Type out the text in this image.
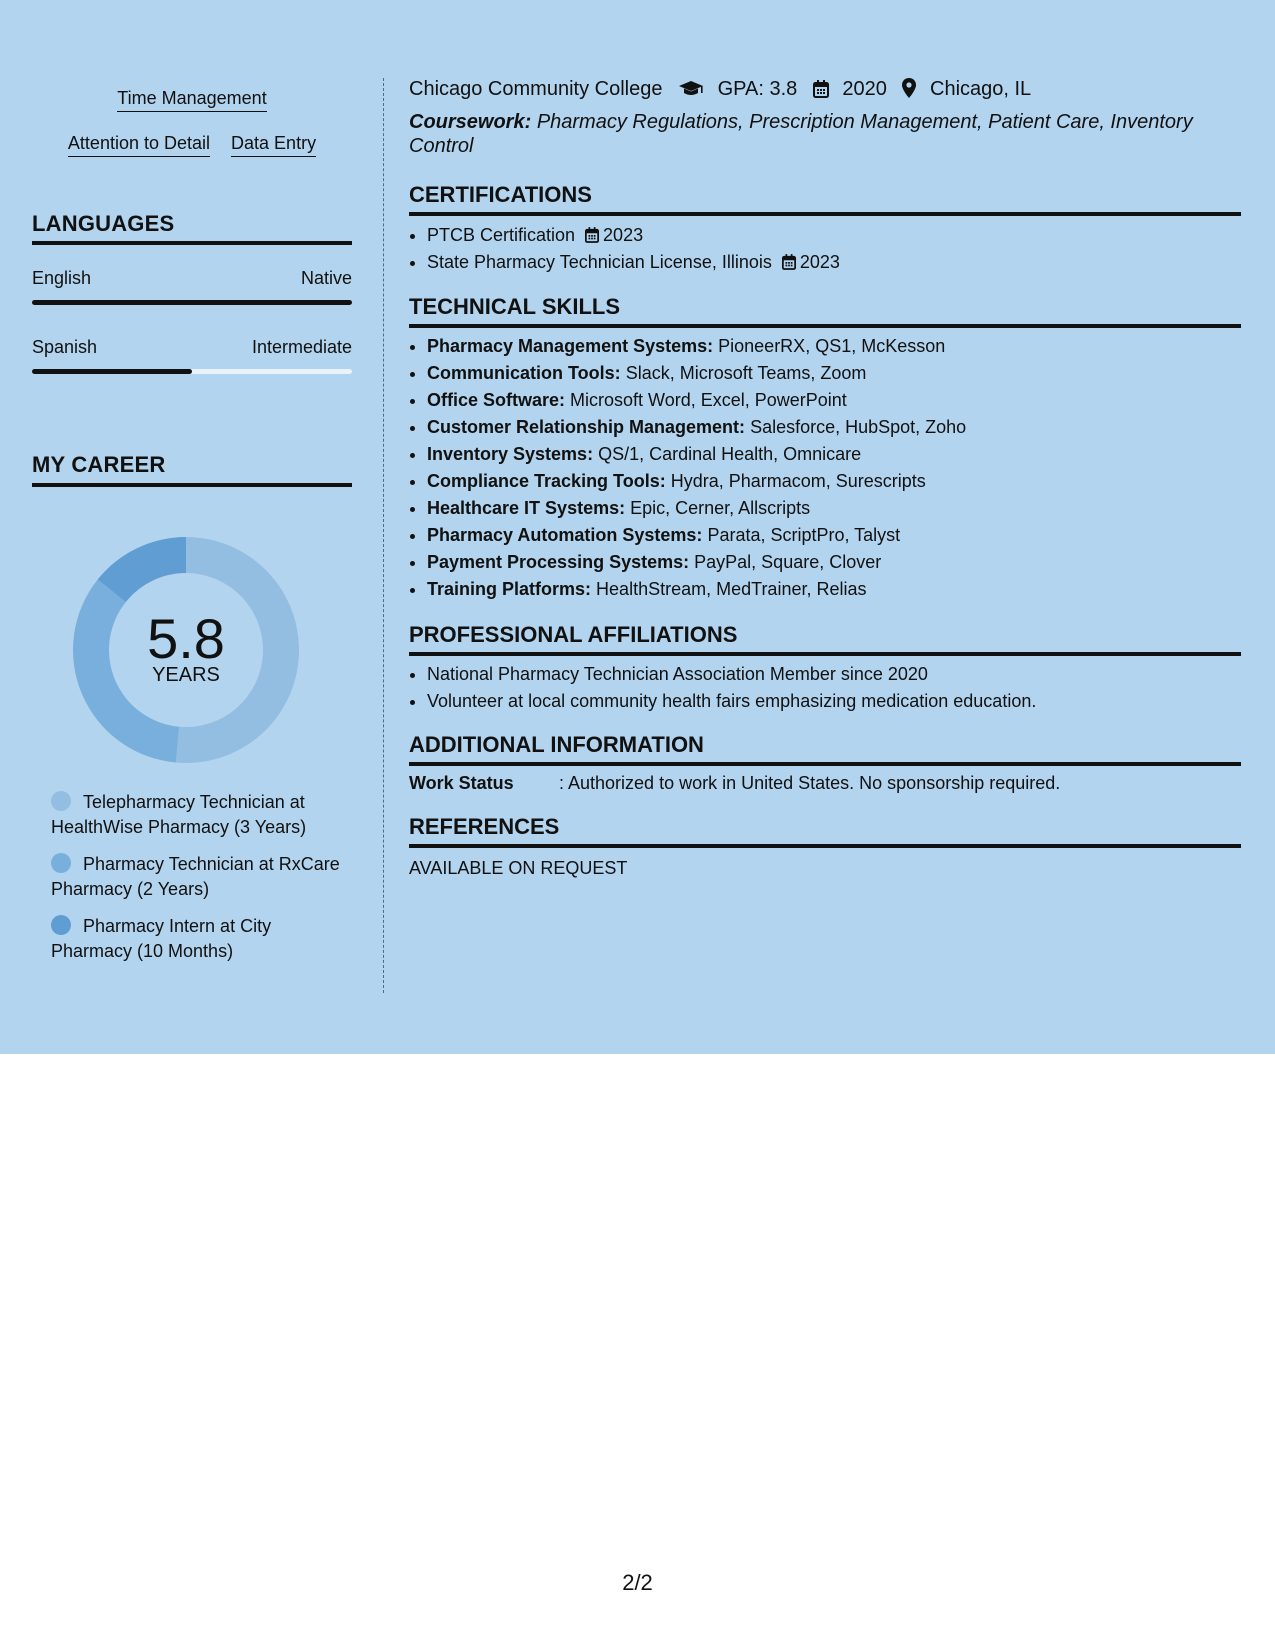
Time Management
Attention to Detail Data Entry
LANGUAGES
English	Native
Spanish	Intermediate
MY CAREER
5.8
YEARS
Telepharmacy Technician at HealthWise Pharmacy (3 Years)
Pharmacy Technician at RxCare Pharmacy (2 Years)
Pharmacy Intern at City Pharmacy (10 Months)
Chicago Community College	GPA: 3.8 2020 Chicago, IL
Coursework: Pharmacy Regulations, Prescription Management, Patient Care, Inventory Control
CERTIFICATIONS
• PTCB Certification 2023
• State Pharmacy Technician License, Illinois 2023
TECHNICAL SKILLS
• Pharmacy Management Systems: PioneerRX, QS1, McKesson
• Communication Tools: Slack, Microsoft Teams, Zoom
• Office Software: Microsoft Word, Excel, PowerPoint
• Customer Relationship Management: Salesforce, HubSpot, Zoho
• Inventory Systems: QS/1, Cardinal Health, Omnicare
• Compliance Tracking Tools: Hydra, Pharmacom, Surescripts
• Healthcare IT Systems: Epic, Cerner, Allscripts
• Pharmacy Automation Systems: Parata, ScriptPro, Talyst
• Payment Processing Systems: PayPal, Square, Clover
• Training Platforms: HealthStream, MedTrainer, Relias
PROFESSIONAL AFFILIATIONS
• National Pharmacy Technician Association Member since 2020
• Volunteer at local community health fairs emphasizing medication education.
ADDITIONAL INFORMATION
Work Status	: Authorized to work in United States. No sponsorship required.
REFERENCES
AVAILABLE ON REQUEST
2/2
